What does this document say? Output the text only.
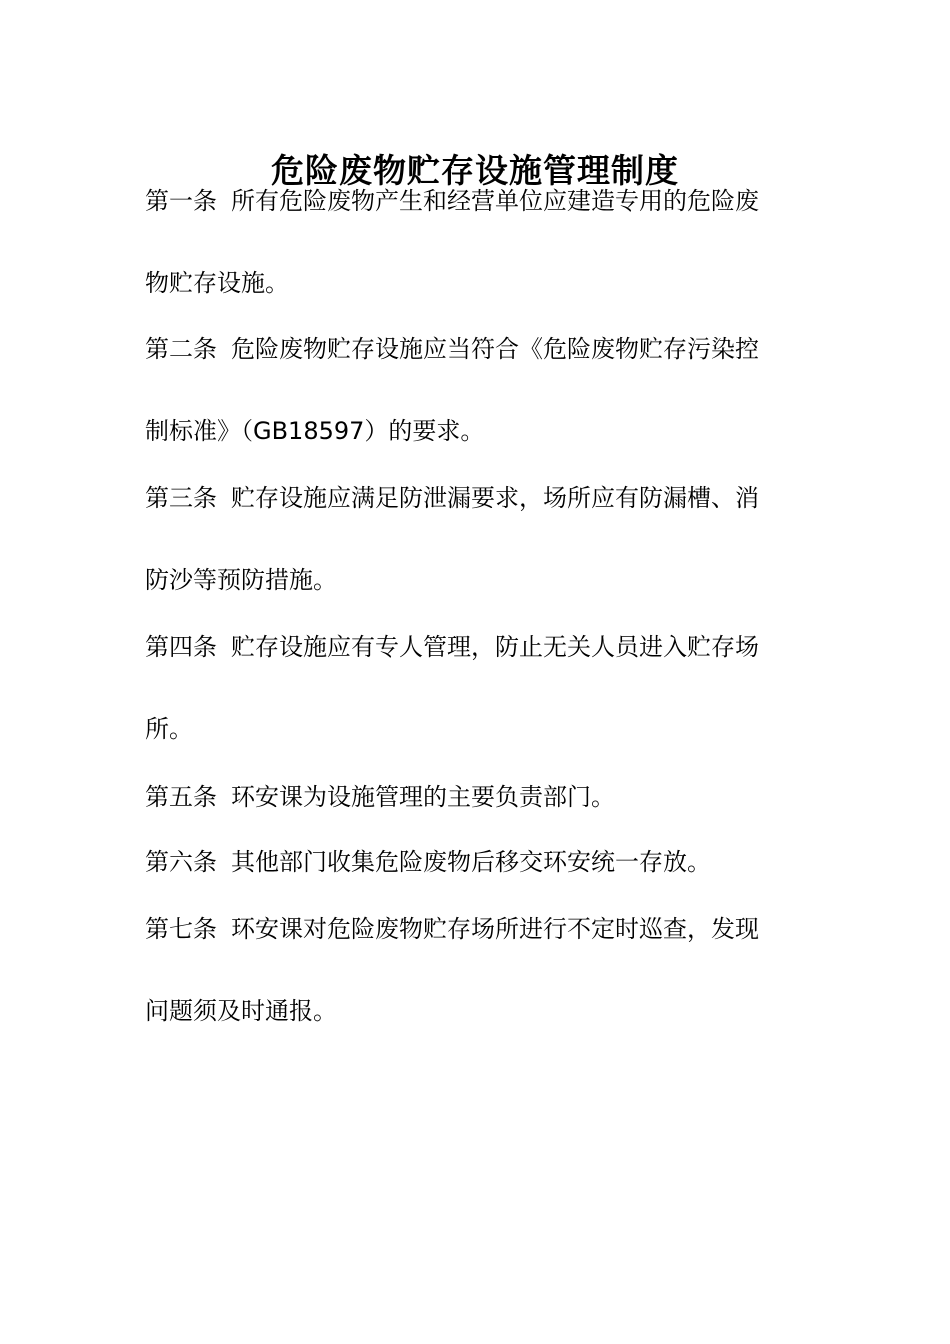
危险废物贮存设施管理制度
第一条 所有危险废物产生和经营单位应建造专用的危险废
物贮存设施。
第二条 危险废物贮存设施应当符合《危险废物贮存污染控
制标准》（GB18597）的要求。
第三条 贮存设施应满足防泄漏要求，场所应有防漏槽、消
防沙等预防措施。
第四条 贮存设施应有专人管理，防止无关人员进入贮存场
所。
第五条 环安课为设施管理的主要负责部门。
第六条 其他部门收集危险废物后移交环安统一存放。
第七条 环安课对危险废物贮存场所进行不定时巡查，发现
问题须及时通报。
